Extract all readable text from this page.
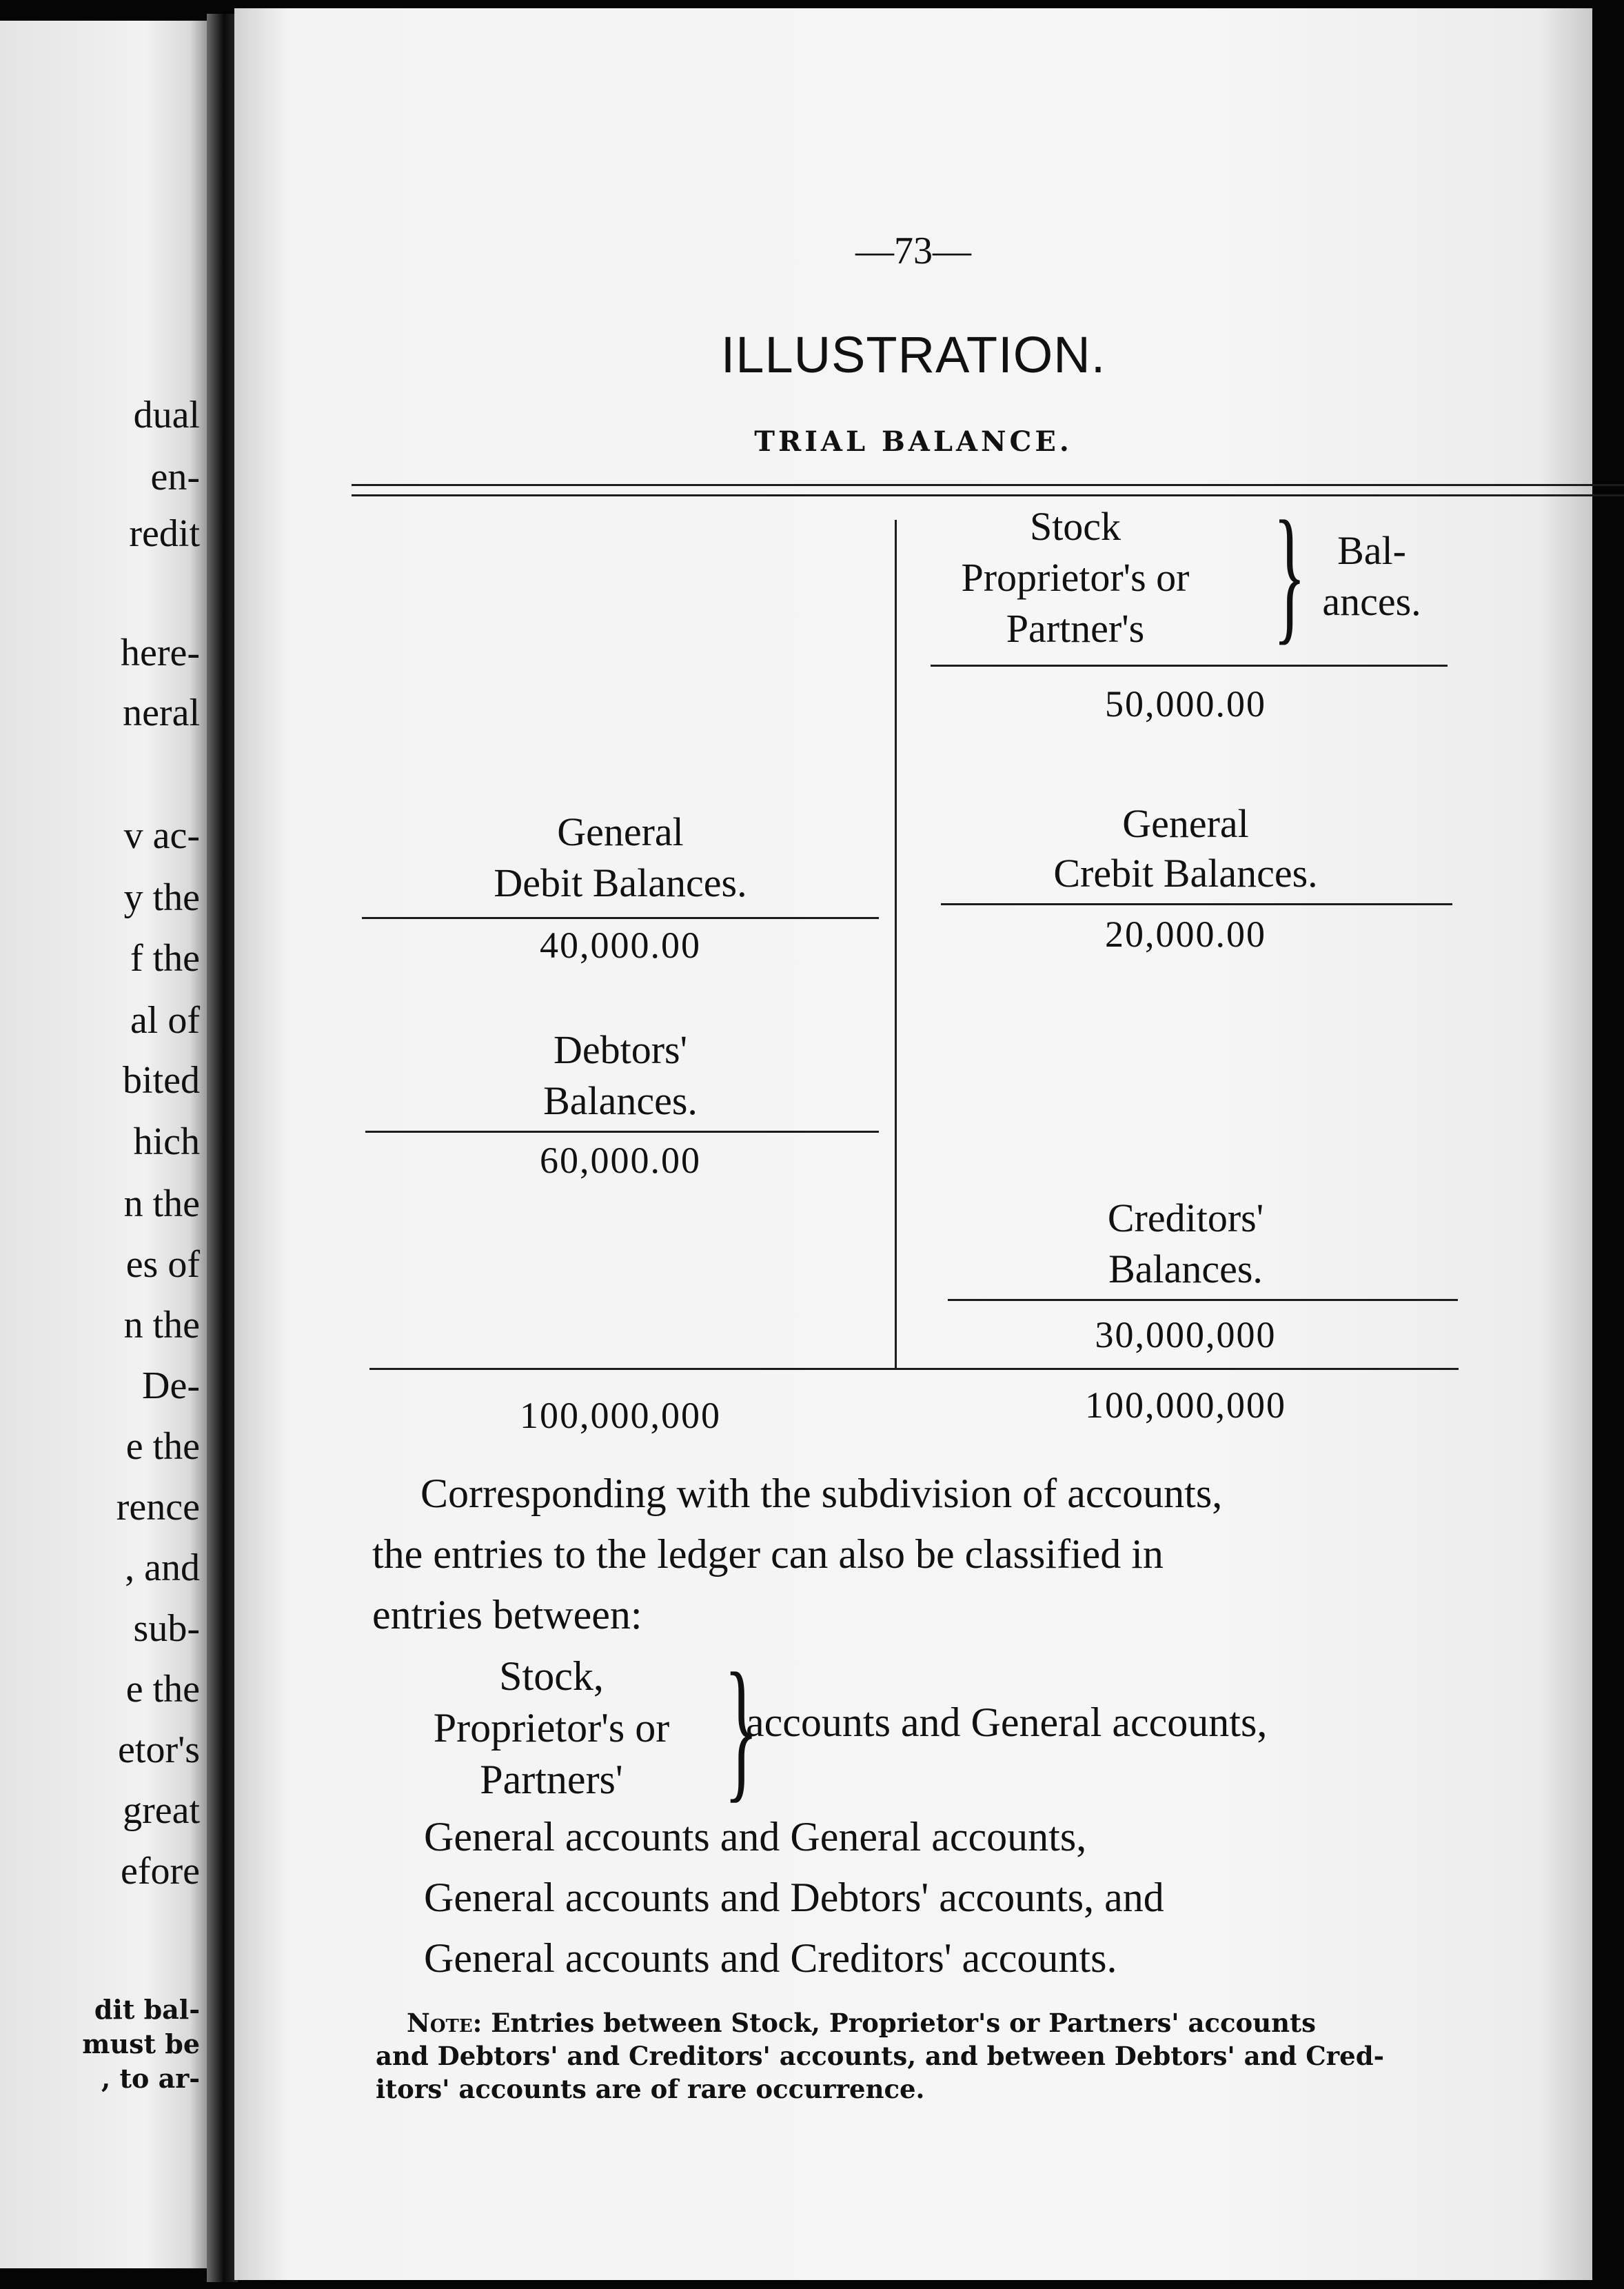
dual
en-
redit
here-
neral
v ac-
y the
f the
al of
bited
hich
n the
es of
n the
De-
e the
rence
, and
sub-
e the
etor's
great
efore
dit bal-
must be
, to ar-
—73—
ILLUSTRATION.
TRIAL BALANCE.
Stock
Proprietor's or
Partner's } Bal-
ances.
50,000.00
General
Debit Balances.
40,000.00
General
Crebit Balances.
20,000.00
Debtors'
Balances.
60,000.00
Creditors'
Balances.
30,000,000
100,000,000	100,000,000
Corresponding with the subdivision of accounts,
the entries to the ledger can also be classified in
entries between:
Stock,
Proprietor's or
Partners' }
accounts and General accounts,
General accounts and General accounts,
General accounts and Debtors' accounts, and
General accounts and Creditors' accounts.
Note: Entries between Stock, Proprietor's or Partners' accounts
and Debtors' and Creditors' accounts, and between Debtors' and Cred-
itors' accounts are of rare occurrence.
